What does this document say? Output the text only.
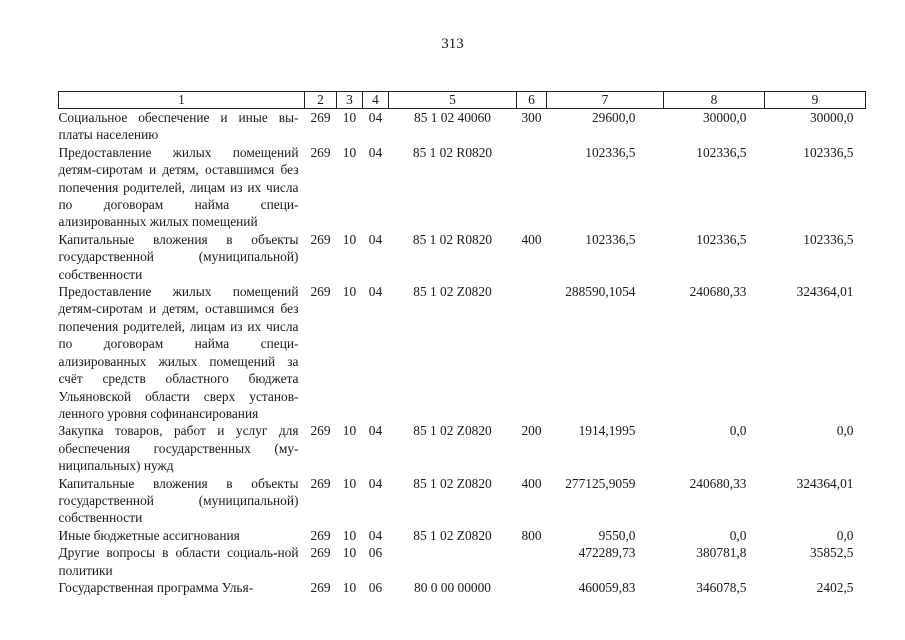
313
1	2	3	4	5	6	7	8	9
Социальное обеспечение и иные вы-платы населению	269	10	04	85 1 02 40060	300	29600,0	30000,0	30000,0
Предоставление жилых помещений детям-сиротам и детям, оставшимся без попечения родителей, лицам из их числа по договорам найма специ-ализированных жилых помещений	269	10	04	85 1 02 R0820		102336,5	102336,5	102336,5
Капитальные вложения в объекты государственной (муниципальной) собственности	269	10	04	85 1 02 R0820	400	102336,5	102336,5	102336,5
Предоставление жилых помещений детям-сиротам и детям, оставшимся без попечения родителей, лицам из их числа по договорам найма специ-ализированных жилых помещений за счёт средств областного бюджета Ульяновской области сверх установ-ленного уровня софинансирования	269	10	04	85 1 02 Z0820		288590,1054	240680,33	324364,01
Закупка товаров, работ и услуг для обеспечения государственных (му-ниципальных) нужд	269	10	04	85 1 02 Z0820	200	1914,1995	0,0	0,0
Капитальные вложения в объекты государственной (муниципальной) собственности	269	10	04	85 1 02 Z0820	400	277125,9059	240680,33	324364,01
Иные бюджетные ассигнования	269	10	04	85 1 02 Z0820	800	9550,0	0,0	0,0
Другие вопросы в области социаль-ной политики	269	10	06			472289,73	380781,8	35852,5
Государственная программа Улья-	269	10	06	80 0 00 00000		460059,83	346078,5	2402,5
